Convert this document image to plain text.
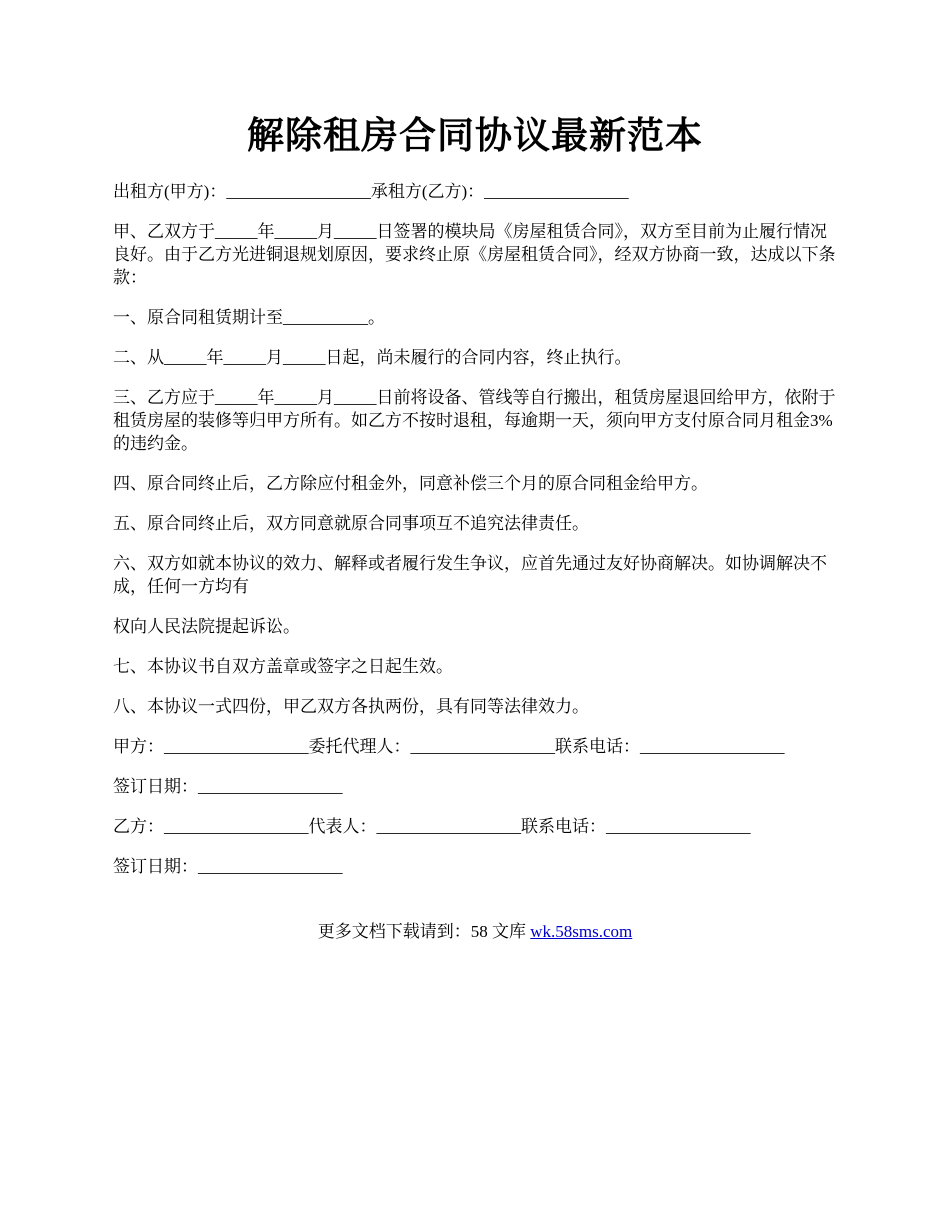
解除租房合同协议最新范本

出租方(甲方)：_________________承租方(乙方)：_________________

甲、乙双方于_____年_____月_____日签署的模块局《房屋租赁合同》，双方至目前为止履行情况良好。由于乙方光进铜退规划原因，要求终止原《房屋租赁合同》，经双方协商一致，达成以下条款：

一、原合同租赁期计至__________。

二、从_____年_____月_____日起，尚未履行的合同内容，终止执行。

三、乙方应于_____年_____月_____日前将设备、管线等自行搬出，租赁房屋退回给甲方，依附于租赁房屋的装修等归甲方所有。如乙方不按时退租，每逾期一天，须向甲方支付原合同月租金3%的违约金。

四、原合同终止后，乙方除应付租金外，同意补偿三个月的原合同租金给甲方。

五、原合同终止后，双方同意就原合同事项互不追究法律责任。

六、双方如就本协议的效力、解释或者履行发生争议，应首先通过友好协商解决。如协调解决不成，任何一方均有

权向人民法院提起诉讼。

七、本协议书自双方盖章或签字之日起生效。

八、本协议一式四份，甲乙双方各执两份，具有同等法律效力。

甲方：_________________委托代理人：_________________联系电话：_________________

签订日期：_________________

乙方：_________________代表人：_________________联系电话：_________________

签订日期：_________________

更多文档下载请到：58 文库 wk.58sms.com
